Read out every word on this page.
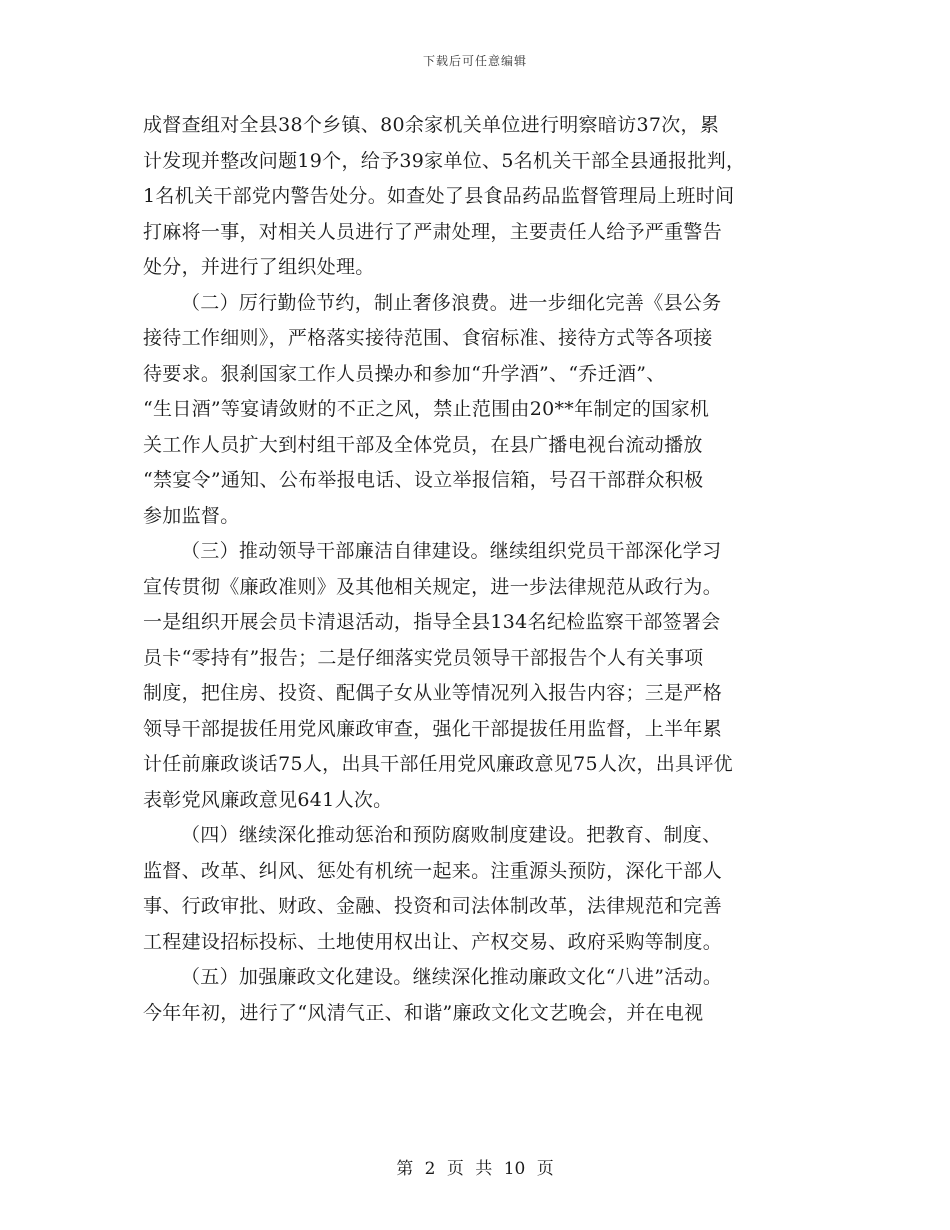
下载后可任意编辑
成督查组对全县38个乡镇、80余家机关单位进行明察暗访37次，累
计发现并整改问题19个，给予39家单位、5名机关干部全县通报批判，
1名机关干部党内警告处分。如查处了县食品药品监督管理局上班时间
打麻将一事，对相关人员进行了严肃处理，主要责任人给予严重警告
处分，并进行了组织处理。
（二）厉行勤俭节约，制止奢侈浪费。进一步细化完善《县公务
接待工作细则》，严格落实接待范围、食宿标准、接待方式等各项接
待要求。狠刹国家工作人员操办和参加“升学酒”、“乔迁酒”、
“生日酒”等宴请敛财的不正之风，禁止范围由20**年制定的国家机
关工作人员扩大到村组干部及全体党员，在县广播电视台流动播放
“禁宴令”通知、公布举报电话、设立举报信箱，号召干部群众积极
参加监督。
（三）推动领导干部廉洁自律建设。继续组织党员干部深化学习
宣传贯彻《廉政准则》及其他相关规定，进一步法律规范从政行为。
一是组织开展会员卡清退活动，指导全县134名纪检监察干部签署会
员卡“零持有”报告；二是仔细落实党员领导干部报告个人有关事项
制度，把住房、投资、配偶子女从业等情况列入报告内容；三是严格
领导干部提拔任用党风廉政审查，强化干部提拔任用监督，上半年累
计任前廉政谈话75人，出具干部任用党风廉政意见75人次，出具评优
表彰党风廉政意见641人次。
（四）继续深化推动惩治和预防腐败制度建设。把教育、制度、
监督、改革、纠风、惩处有机统一起来。注重源头预防，深化干部人
事、行政审批、财政、金融、投资和司法体制改革，法律规范和完善
工程建设招标投标、土地使用权出让、产权交易、政府采购等制度。
（五）加强廉政文化建设。继续深化推动廉政文化“八进”活动。
今年年初，进行了“风清气正、和谐”廉政文化文艺晚会，并在电视
第 2 页 共 10 页
